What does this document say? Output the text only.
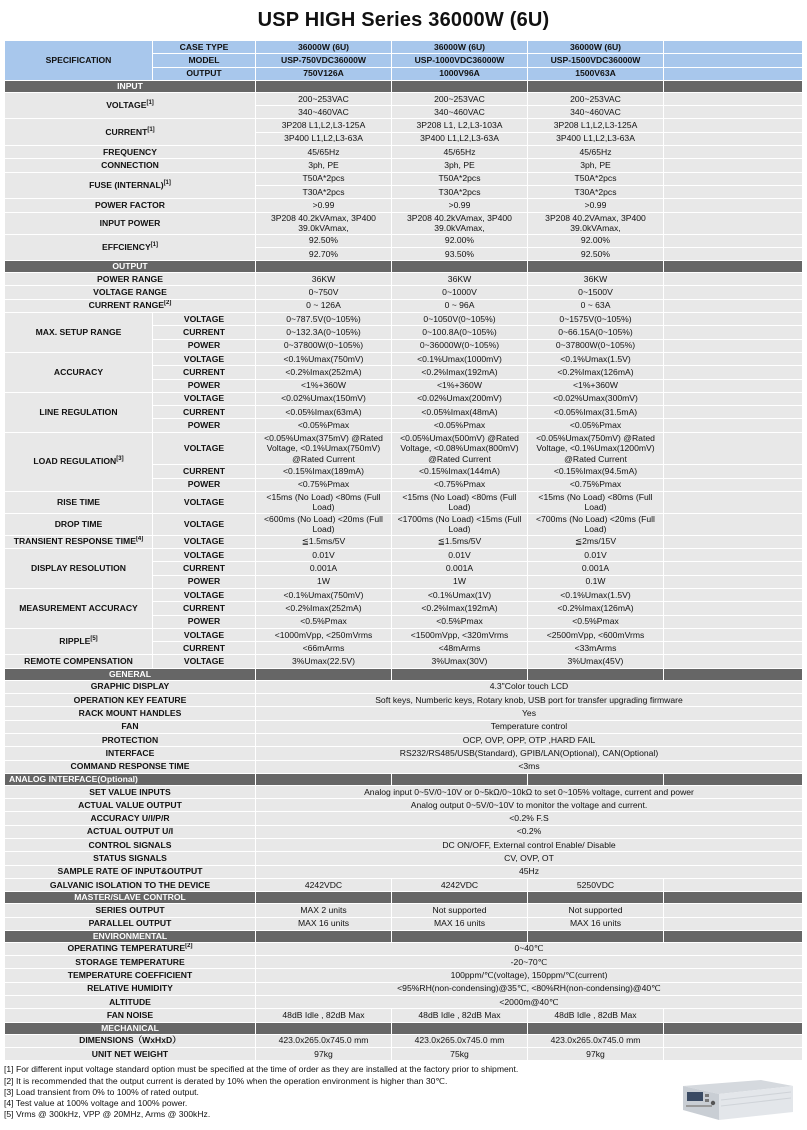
USP HIGH Series 36000W (6U)
SPECIFICATION	CASE TYPE	36000W (6U)	36000W (6U)	36000W (6U)	
	MODEL	USP-750VDC36000W	USP-1000VDC36000W	USP-1500VDC36000W	
	OUTPUT	750V126A	1000V96A	1500V63A	
INPUT					
VOLTAGE[1]		200~253VAC	200~253VAC	200~253VAC	
		340~460VAC	340~460VAC	340~460VAC	
CURRENT[1]		3P208 L1,L2,L3-125A	3P208 L1, L2,L3-103A	3P208 L1,L2,L3-125A	
		3P400 L1,L2,L3-63A	3P400 L1,L2,L3-63A	3P400 L1,L2,L3-63A	
FREQUENCY		45/65Hz	45/65Hz	45/65Hz	
CONNECTION		3ph, PE	3ph, PE	3ph, PE	
FUSE (INTERNAL)[1]		T50A*2pcs	T50A*2pcs	T50A*2pcs	
		T30A*2pcs	T30A*2pcs	T30A*2pcs	
POWER FACTOR		>0.99	>0.99	>0.99	
INPUT POWER		3P208 40.2kVAmax, 3P400 39.0kVAmax,	3P208 40.2kVAmax, 3P400 39.0kVAmax,	3P208 40.2VAmax, 3P400 39.0kVAmax,	
EFFCIENCY[1]		92.50%	92.00%	92.00%	
		92.70%	93.50%	92.50%	
OUTPUT					
POWER RANGE		36KW	36KW	36KW	
VOLTAGE RANGE		0~750V	0~1000V	0~1500V	
CURRENT RANGE[2]		0 ~ 126A	0 ~ 96A	0 ~ 63A	
MAX. SETUP RANGE	VOLTAGE	0~787.5V(0~105%)	0~1050V(0~105%)	0~1575V(0~105%)	
	CURRENT	0~132.3A(0~105%)	0~100.8A(0~105%)	0~66.15A(0~105%)	
	POWER	0~37800W(0~105%)	0~36000W(0~105%)	0~37800W(0~105%)	
ACCURACY	VOLTAGE	<0.1%Umax(750mV)	<0.1%Umax(1000mV)	<0.1%Umax(1.5V)	
	CURRENT	<0.2%Imax(252mA)	<0.2%Imax(192mA)	<0.2%Imax(126mA)	
	POWER	<1%+360W	<1%+360W	<1%+360W	
LINE REGULATION	VOLTAGE	<0.02%Umax(150mV)	<0.02%Umax(200mV)	<0.02%Umax(300mV)	
	CURRENT	<0.05%Imax(63mA)	<0.05%Imax(48mA)	<0.05%Imax(31.5mA)	
	POWER	<0.05%Pmax	<0.05%Pmax	<0.05%Pmax	
LOAD REGULATION[3]	VOLTAGE	<0.05%Umax(375mV) @Rated Voltage, <0.1%Umax(750mV) @Rated Current	<0.05%Umax(500mV) @Rated Voltage, <0.08%Umax(800mV) @Rated Current	<0.05%Umax(750mV) @Rated Voltage, <0.1%Umax(1200mV) @Rated Current	
	CURRENT	<0.15%Imax(189mA)	<0.15%Imax(144mA)	<0.15%Imax(94.5mA)	
	POWER	<0.75%Pmax	<0.75%Pmax	<0.75%Pmax	
RISE TIME	VOLTAGE	<15ms (No Load) <80ms (Full Load)	<15ms (No Load) <80ms (Full Load)	<15ms (No Load) <80ms (Full Load)	
DROP TIME	VOLTAGE	<600ms (No Load) <20ms (Full Load)	<1700ms (No Load) <15ms (Full Load)	<700ms (No Load) <20ms (Full Load)	
TRANSIENT RESPONSE TIME[4]	VOLTAGE	≦1.5ms/5V	≦1.5ms/5V	≦2ms/15V	
DISPLAY RESOLUTION	VOLTAGE	0.01V	0.01V	0.01V	
	CURRENT	0.001A	0.001A	0.001A	
	POWER	1W	1W	0.1W	
MEASUREMENT ACCURACY	VOLTAGE	<0.1%Umax(750mV)	<0.1%Umax(1V)	<0.1%Umax(1.5V)	
	CURRENT	<0.2%Imax(252mA)	<0.2%Imax(192mA)	<0.2%Imax(126mA)	
	POWER	<0.5%Pmax	<0.5%Pmax	<0.5%Pmax	
RIPPLE[5]	VOLTAGE	<1000mVpp, <250mVrms	<1500mVpp, <320mVrms	<2500mVpp, <600mVrms	
	CURRENT	<66mArms	<48mArms	<33mArms	
REMOTE COMPENSATION	VOLTAGE	3%Umax(22.5V)	3%Umax(30V)	3%Umax(45V)	
GENERAL					
GRAPHIC DISPLAY		4.3"Color touch LCD			
OPERATION KEY FEATURE		Soft keys, Numberic keys, Rotary knob, USB port for transfer upgrading firmware			
RACK MOUNT HANDLES		Yes			
FAN		Temperature control			
PROTECTION		OCP, OVP, OPP, OTP ,HARD FAIL			
INTERFACE		RS232/RS485/USB(Standard), GPIB/LAN(Optional), CAN(Optional)			
COMMAND RESPONSE TIME		<3ms			
ANALOG INTERFACE(Optional)					
SET VALUE INPUTS		Analog input 0~5V/0~10V or 0~5kΩ/0~10kΩ to set 0~105% voltage, current and power			
ACTUAL VALUE OUTPUT		Analog output 0~5V/0~10V to monitor the voltage and current.			
ACCURACY U/I/P/R		<0.2% F.S			
ACTUAL OUTPUT U/I		<0.2%			
CONTROL SIGNALS		DC ON/OFF, External control Enable/ Disable			
STATUS SIGNALS		CV, OVP, OT			
SAMPLE RATE OF INPUT&OUTPUT		45Hz			
GALVANIC ISOLATION TO THE DEVICE		4242VDC	4242VDC	5250VDC	
MASTER/SLAVE CONTROL					
SERIES OUTPUT		MAX 2 units	Not supported	Not supported	
PARALLEL OUTPUT		MAX 16 units	MAX 16 units	MAX 16 units	
ENVIRONMENTAL					
OPERATING TEMPERATURE[2]		0~40℃			
STORAGE TEMPERATURE		-20~70℃			
TEMPERATURE COEFFICIENT		100ppm/℃(voltage), 150ppm/℃(current)			
RELATIVE HUMIDITY		<95%RH(non-condensing)@35℃, <80%RH(non-condensing)@40℃			
ALTITUDE		<2000m@40℃			
FAN NOISE		48dB Idle , 82dB Max	48dB Idle , 82dB Max	48dB Idle , 82dB Max	
MECHANICAL					
DIMENSIONS（WxHxD）		423.0x265.0x745.0 mm	423.0x265.0x745.0 mm	423.0x265.0x745.0 mm	
UNIT NET WEIGHT		97kg	75kg	97kg	
[1] For different input voltage standard option must be specified at the time of order as they are installed at the factory prior to shipment.
[2] It is recommended that the output current is derated by 10% when the operation environment is higher than 30℃.
[3] Load transient from 0% to 100% of rated output.
[4] Test value at 100% voltage and 100% power.
[5] Vrms @ 300kHz, VPP @ 20MHz, Arms @ 300kHz.
